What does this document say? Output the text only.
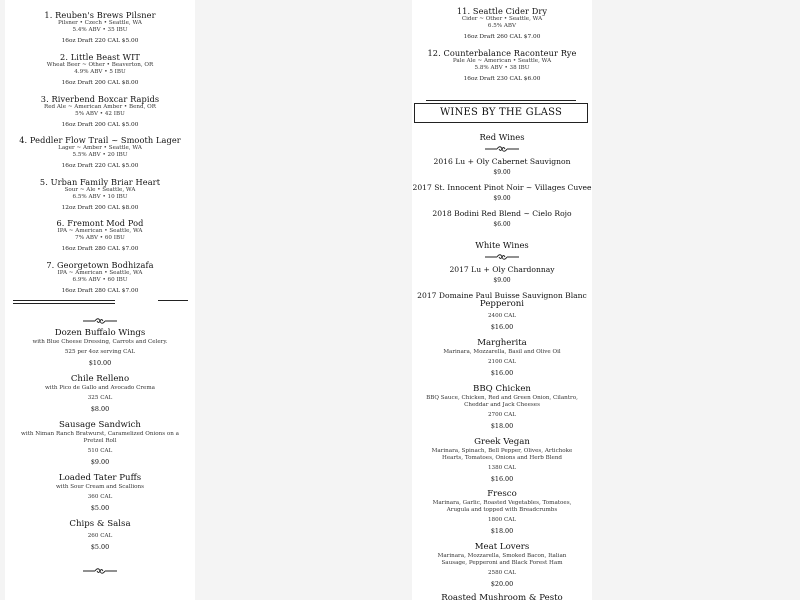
1. Reuben's Brews Pilsner
Pilsner • Czech • Seattle, WA
5.4% ABV • 35 IBU
16oz Draft 220 CAL $5.00
2. Little Beast WIT
Wheat Beer ~ Other • Beaverton, OR
4.9% ABV • 5 IBU
16oz Draft 200 CAL $8.00
3. Riverbend Boxcar Rapids
Red Ale ~ American Amber • Bend, OR
5% ABV • 42 IBU
16oz Draft 200 CAL $5.00
4. Peddler Flow Trail ~ Smooth Lager
Lager ~ Amber • Seattle, WA
5.5% ABV • 20 IBU
16oz Draft 220 CAL $5.00
5. Urban Family Briar Heart
Sour ~ Ale • Seattle, WA
6.5% ABV • 10 IBU
12oz Draft 200 CAL $8.00
6. Fremont Mod Pod
IPA ~ American • Seattle, WA
7% ABV • 60 IBU
16oz Draft 280 CAL $7.00
7. Georgetown Bodhizafa
IPA ~ American • Seattle, WA
6.9% ABV • 60 IBU
16oz Draft 280 CAL $7.00
Dozen Buffalo Wings
with Blue Cheese Dressing, Carrots and Celery.
525 per 4oz serving CAL
$10.00
Chile Relleno
with Pico de Gallo and Avocado Crema
325 CAL
$8.00
Sausage Sandwich
with Niman Ranch Bratwurst, Caramelized Onions on a Pretzel Roll
510 CAL
$9.00
Loaded Tater Puffs
with Sour Cream and Scallions
360 CAL
$5.00
Chips & Salsa
260 CAL
$5.00
11. Seattle Cider Dry
Cider ~ Other • Seattle, WA
6.5% ABV
16oz Draft 260 CAL $7.00
12. Counterbalance Raconteur Rye
Pale Ale ~ American • Seattle, WA
5.8% ABV • 38 IBU
16oz Draft 230 CAL $6.00
WINES BY THE GLASS
Red Wines
2016 Lu + Oly Cabernet Sauvignon
$9.00
2017 St. Innocent Pinot Noir ~ Villages Cuvee
$9.00
2018 Bodini Red Blend ~ Cielo Rojo
$6.00
White Wines
2017 Lu + Oly Chardonnay
$9.00
2017 Domaine Paul Buisse Sauvignon Blanc
Pepperoni
2400 CAL
$16.00
Margherita
Marinara, Mozzarella, Basil and Olive Oil
2100 CAL
$16.00
BBQ Chicken
BBQ Sauce, Chicken, Red and Green Onion, Cilantro, Cheddar and Jack Cheeses
2700 CAL
$18.00
Greek Vegan
Marinara, Spinach, Bell Pepper, Olives, Artichoke Hearts, Tomatoes, Onions and Herb Blend
1380 CAL
$16.00
Fresco
Marinara, Garlic, Roasted Vegetables, Tomatoes, Arugula and topped with Breadcrumbs
1800 CAL
$18.00
Meat Lovers
Marinara, Mozzarella, Smoked Bacon, Italian Sausage, Pepperoni and Black Forest Ham
2580 CAL
$20.00
Roasted Mushroom & Pesto
